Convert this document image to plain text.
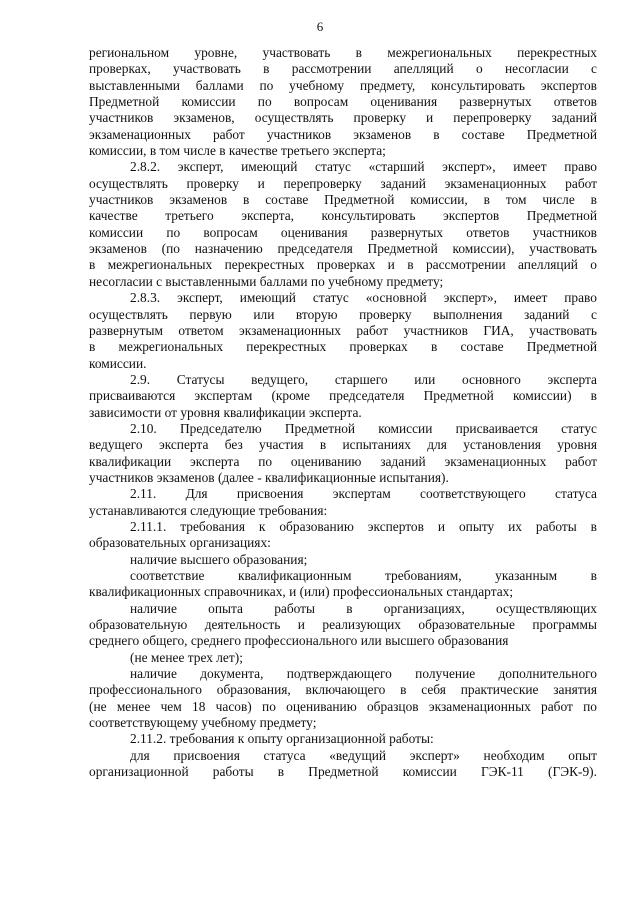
6
региональном уровне, участвовать в межрегиональных перекрестных
проверках, участвовать в рассмотрении апелляций о несогласии с
выставленными баллами по учебному предмету, консультировать экспертов
Предметной комиссии по вопросам оценивания развернутых ответов
участников экзаменов, осуществлять проверку и перепроверку заданий
экзаменационных работ участников экзаменов в составе Предметной
комиссии, в том числе в качестве третьего эксперта;
2.8.2. эксперт, имеющий статус «старший эксперт», имеет право
осуществлять проверку и перепроверку заданий экзаменационных работ
участников экзаменов в составе Предметной комиссии, в том числе в
качестве третьего эксперта, консультировать экспертов Предметной
комиссии по вопросам оценивания развернутых ответов участников
экзаменов (по назначению председателя Предметной комиссии), участвовать
в межрегиональных перекрестных проверках и в рассмотрении апелляций о
несогласии с выставленными баллами по учебному предмету;
2.8.3. эксперт, имеющий статус «основной эксперт», имеет право
осуществлять первую или вторую проверку выполнения заданий с
развернутым ответом экзаменационных работ участников ГИА, участвовать
в межрегиональных перекрестных проверках в составе Предметной
комиссии.
2.9. Статусы ведущего, старшего или основного эксперта
присваиваются экспертам (кроме председателя Предметной комиссии) в
зависимости от уровня квалификации эксперта.
2.10. Председателю Предметной комиссии присваивается статус
ведущего эксперта без участия в испытаниях для установления уровня
квалификации эксперта по оцениванию заданий экзаменационных работ
участников экзаменов (далее - квалификационные испытания).
2.11. Для присвоения экспертам соответствующего статуса
устанавливаются следующие требования:
2.11.1. требования к образованию экспертов и опыту их работы в
образовательных организациях:
наличие высшего образования;
соответствие квалификационным требованиям, указанным в
квалификационных справочниках, и (или) профессиональных стандартах;
наличие опыта работы в организациях, осуществляющих
образовательную деятельность и реализующих образовательные программы
среднего общего, среднего профессионального или высшего образования
(не менее трех лет);
наличие документа, подтверждающего получение дополнительного
профессионального образования, включающего в себя практические занятия
(не менее чем 18 часов) по оцениванию образцов экзаменационных работ по
соответствующему учебному предмету;
2.11.2. требования к опыту организационной работы:
для присвоения статуса «ведущий эксперт» необходим опыт
организационной работы в Предметной комиссии ГЭК-11 (ГЭК-9).
